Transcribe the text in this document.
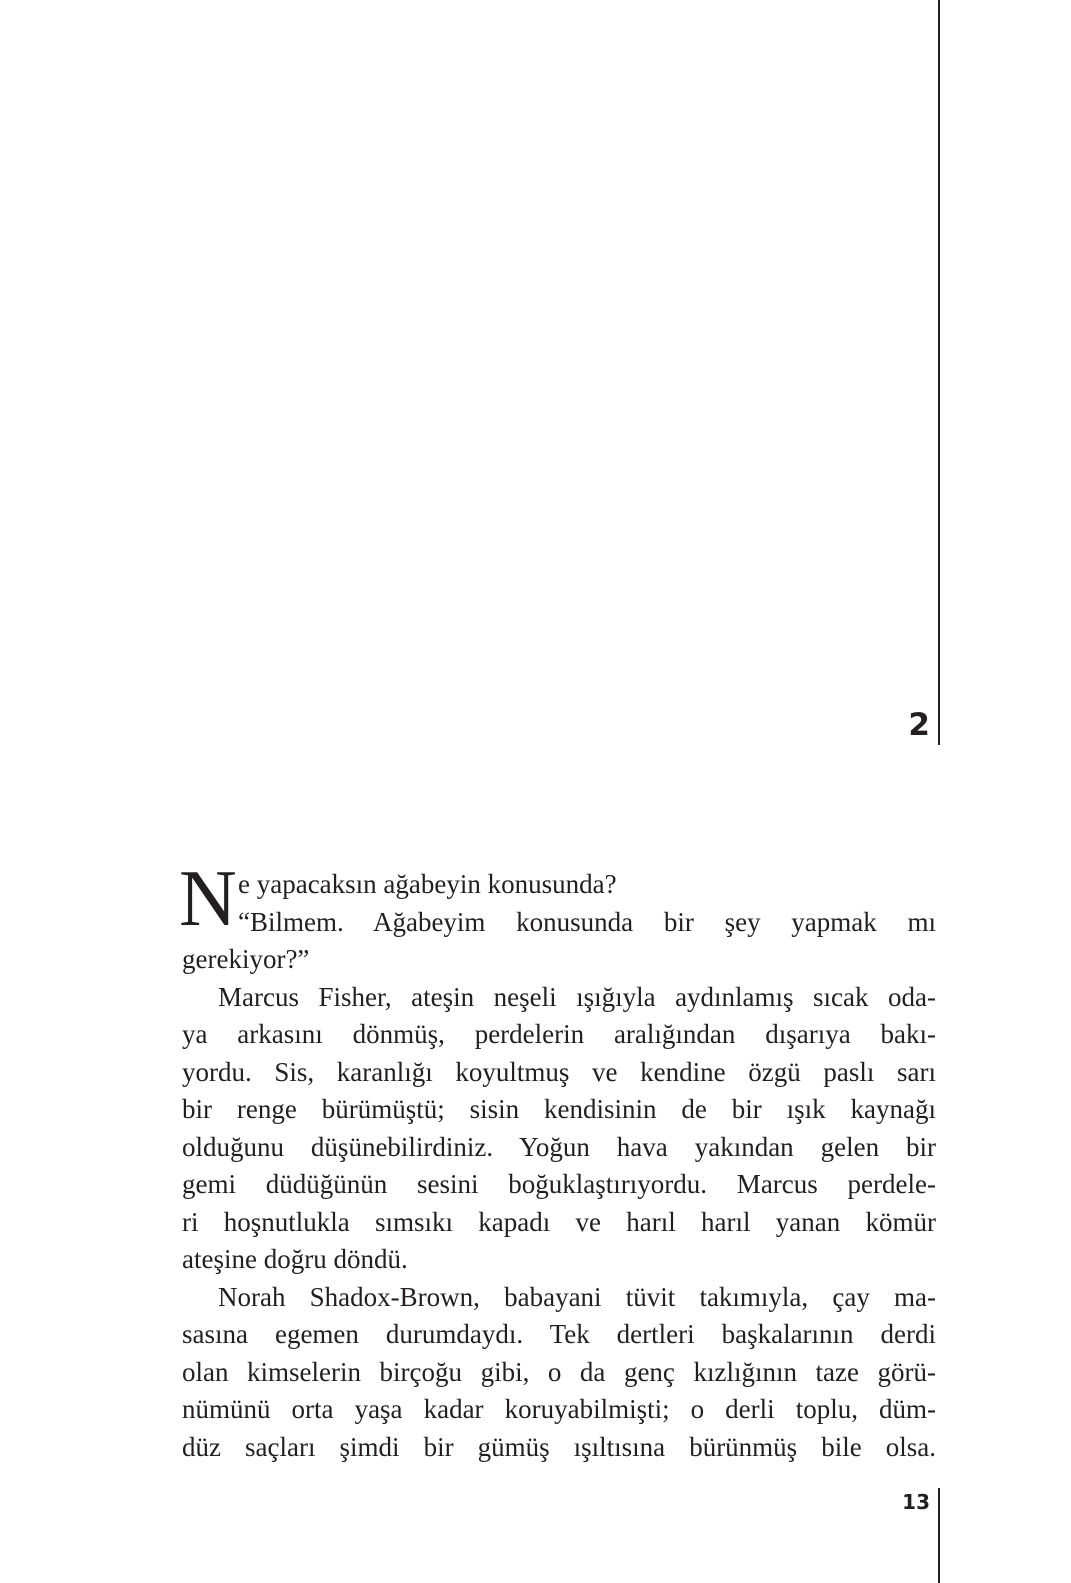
2
N e yapacaksın ağabeyin konusunda?
“Bilmem. Ağabeyim konusunda bir şey yapmak mı
gerekiyor?”
Marcus Fisher, ateşin neşeli ışığıyla aydınlamış sıcak oda-
ya arkasını dönmüş, perdelerin aralığından dışarıya bakı-
yordu. Sis, karanlığı koyultmuş ve kendine özgü paslı sarı
bir renge bürümüştü; sisin kendisinin de bir ışık kaynağı
olduğunu düşünebilirdiniz. Yoğun hava yakından gelen bir
gemi düdüğünün sesini boğuklaştırıyordu. Marcus perdele-
ri hoşnutlukla sımsıkı kapadı ve harıl harıl yanan kömür
ateşine doğru döndü.
Norah Shadox-Brown, babayani tüvit takımıyla, çay ma-
sasına egemen durumdaydı. Tek dertleri başkalarının derdi
olan kimselerin birçoğu gibi, o da genç kızlığının taze görü-
nümünü orta yaşa kadar koruyabilmişti; o derli toplu, düm-
düz saçları şimdi bir gümüş ışıltısına bürünmüş bile olsa.
13
